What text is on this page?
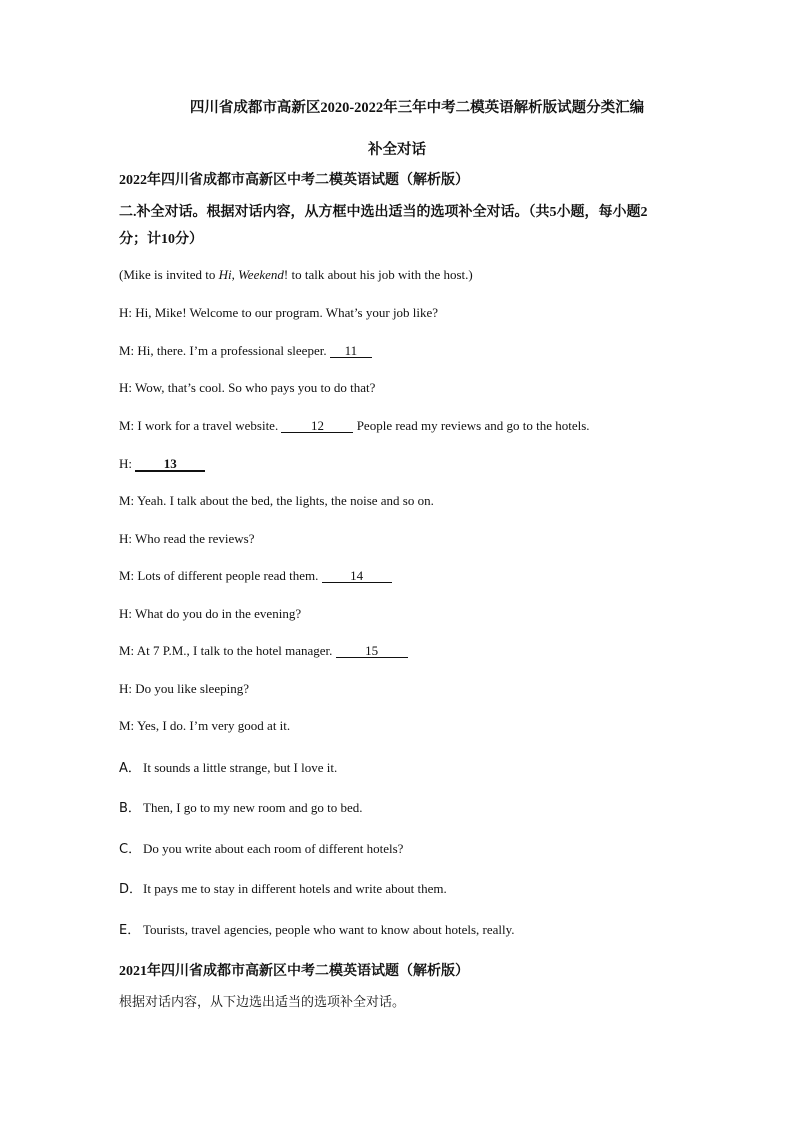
四川省成都市高新区2020-2022年三年中考二模英语解析版试题分类汇编
补全对话
2022年四川省成都市高新区中考二模英语试题（解析版）
二.补全对话。根据对话内容，从方框中选出适当的选项补全对话。（共5小题，每小题2
分；计10分）
(Mike is invited to Hi, Weekend! to talk about his job with the host.)
H: Hi, Mike! Welcome to our program. What’s your job like?
M: Hi, there. I’m a professional sleeper. 11
H: Wow, that’s cool. So who pays you to do that?
M: I work for a travel website. 12 People read my reviews and go to the hotels.
H: 13
M: Yeah. I talk about the bed, the lights, the noise and so on.
H: Who read the reviews?
M: Lots of different people read them. 14
H: What do you do in the evening?
M: At 7 P.M., I talk to the hotel manager. 15
H: Do you like sleeping?
M: Yes, I do. I’m very good at it.
A． It sounds a little strange, but I love it.
B． Then, I go to my new room and go to bed.
C． Do you write about each room of different hotels?
D．It pays me to stay in different hotels and write about them.
E． Tourists, travel agencies, people who want to know about hotels, really.
2021年四川省成都市高新区中考二模英语试题（解析版）
根据对话内容，从下边选出适当的选项补全对话。
